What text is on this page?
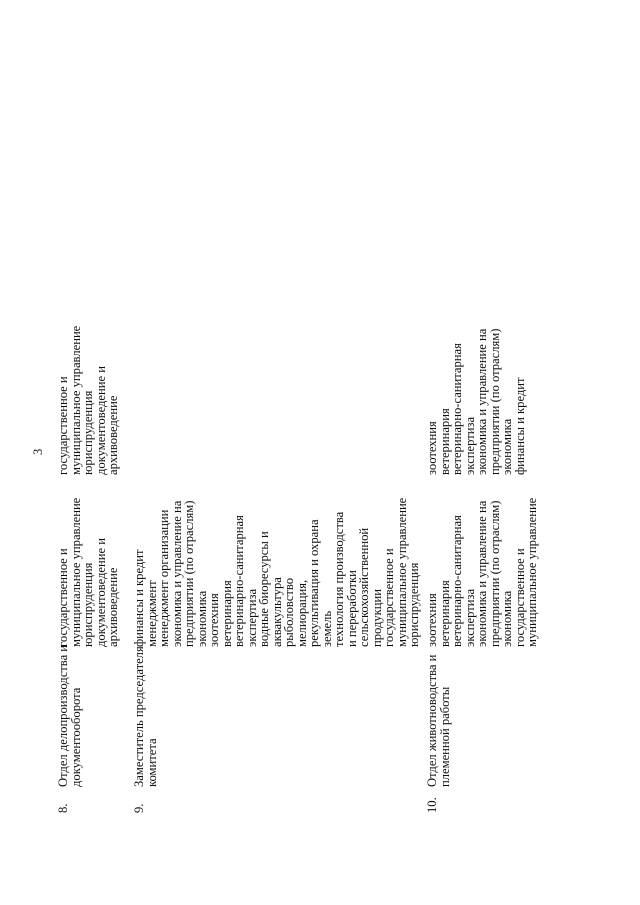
3
8.
Отдел делопроизводства и
документооборота
государственное и
муниципальное управление
юриспруденция
документоведение и
архивоведение
государственное и
муниципальное управление
юриспруденция
документоведение и
архивоведение
9.
Заместитель председателя
комитета
финансы и кредит
менеджмент
менеджмент организации
экономика и управление на
предприятии (по отраслям)
экономика
зоотехния
ветеринария
ветеринарно-санитарная
экспертиза
водные биоресурсы и
аквакультура
рыболовство
мелиорация,
рекультивация и охрана
земель
технология производства
и переработки
сельскохозяйственной
продукции
государственное и
муниципальное управление
юриспруденция
10.
Отдел животноводства и
племенной работы
зоотехния
ветеринария
ветеринарно-санитарная
экспертиза
экономика и управление на
предприятии (по отраслям)
экономика
государственное и
муниципальное управление
зоотехния
ветеринария
ветеринарно-санитарная
экспертиза
экономика и управление на
предприятии (по отраслям)
экономика
финансы и кредит
